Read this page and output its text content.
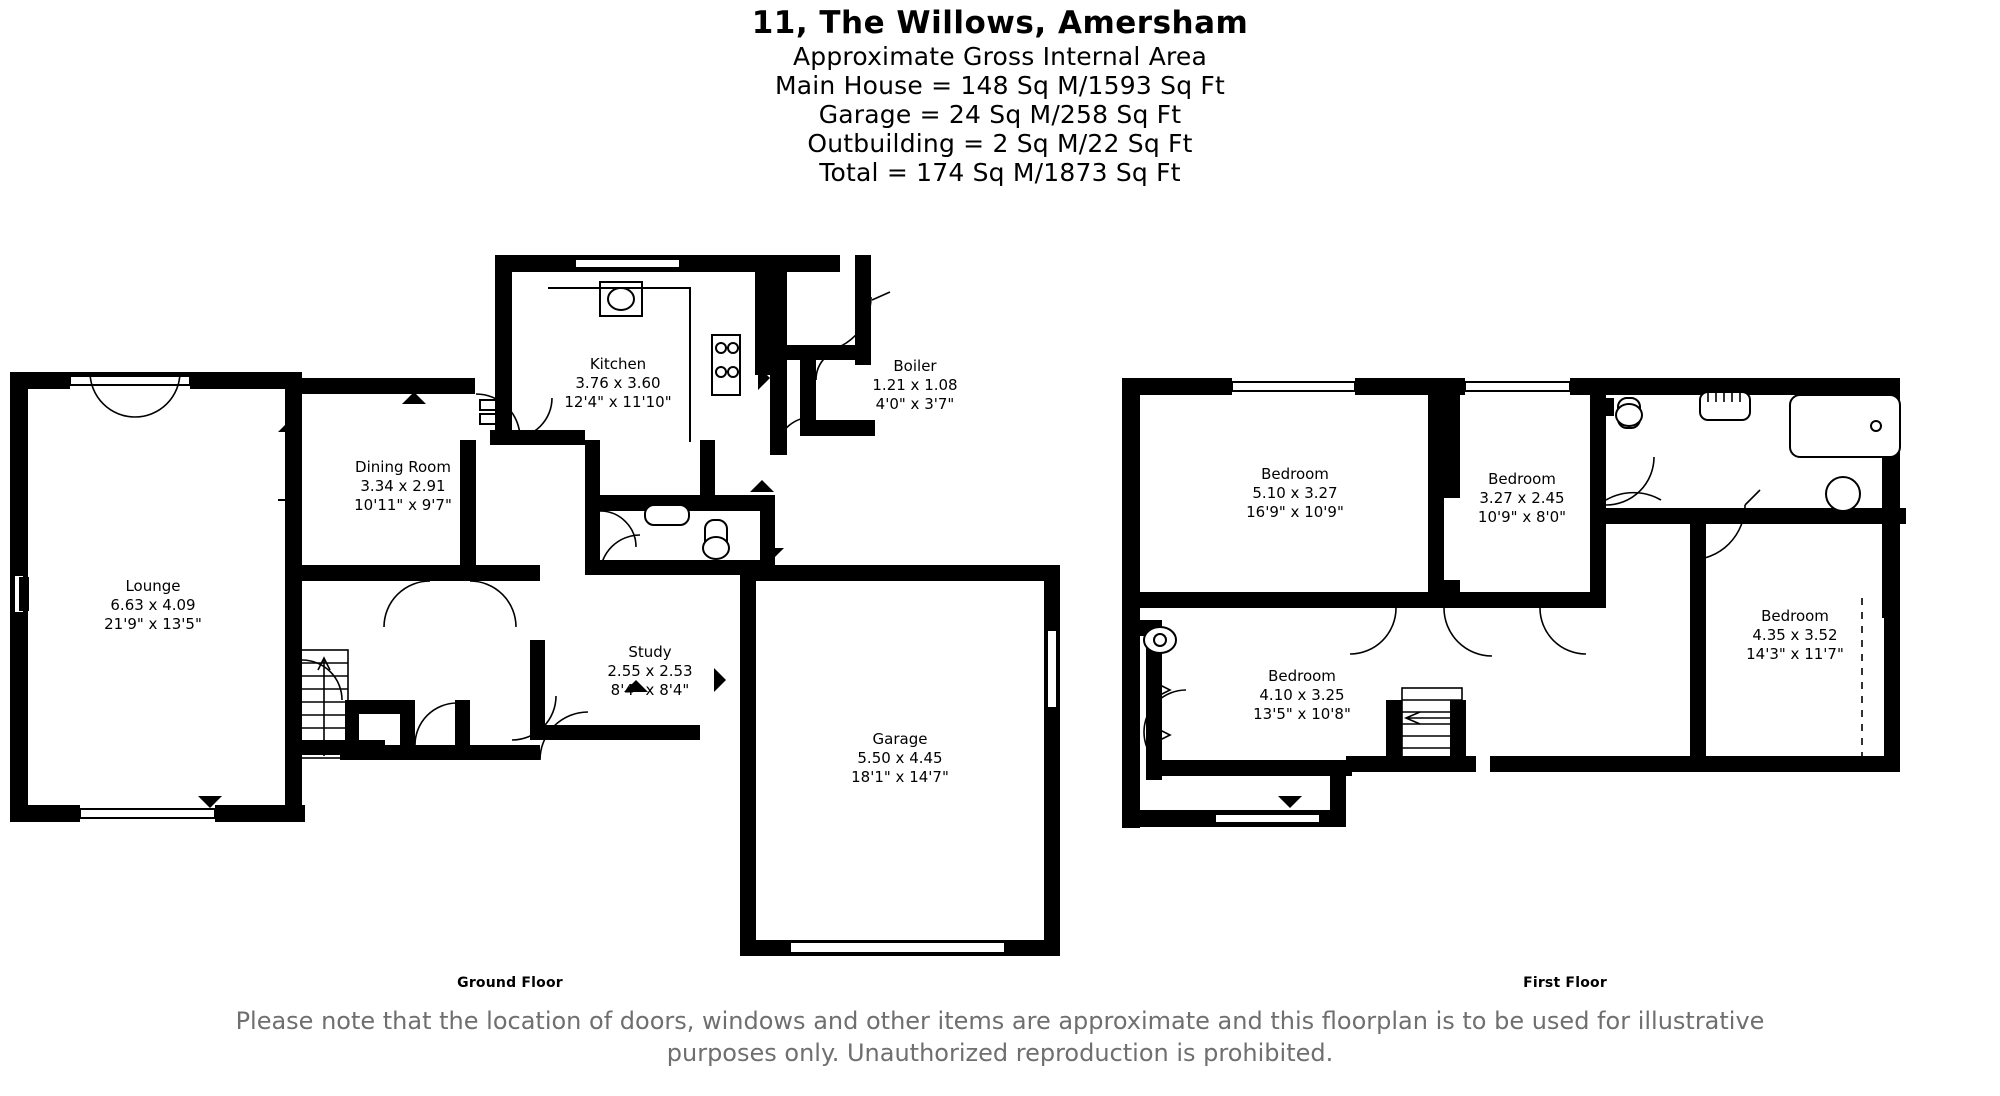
11, The Willows, Amersham
Approximate Gross Internal Area
Main House = 148 Sq M/1593 Sq Ft
Garage = 24 Sq M/258 Sq Ft
Outbuilding = 2 Sq M/22 Sq Ft
Total = 174 Sq M/1873 Sq Ft
Kitchen
3.76 x 3.60
12'4" x 11'10"
Boiler
1.21 x 1.08
4'0" x 3'7"
Dining Room
3.34 x 2.91
10'11" x 9'7"
Lounge
6.63 x 4.09
21'9" x 13'5"
Study
2.55 x 2.53
8'4" x 8'4"
Garage
5.50 x 4.45
18'1" x 14'7"
Bedroom
5.10 x 3.27
16'9" x 10'9"
Bedroom
3.27 x 2.45
10'9" x 8'0"
Bedroom
4.35 x 3.52
14'3" x 11'7"
Bedroom
4.10 x 3.25
13'5" x 10'8"
Ground Floor	First Floor
Please note that the location of doors, windows and other items are approximate and this floorplan is to be used for illustrative
purposes only. Unauthorized reproduction is prohibited.
